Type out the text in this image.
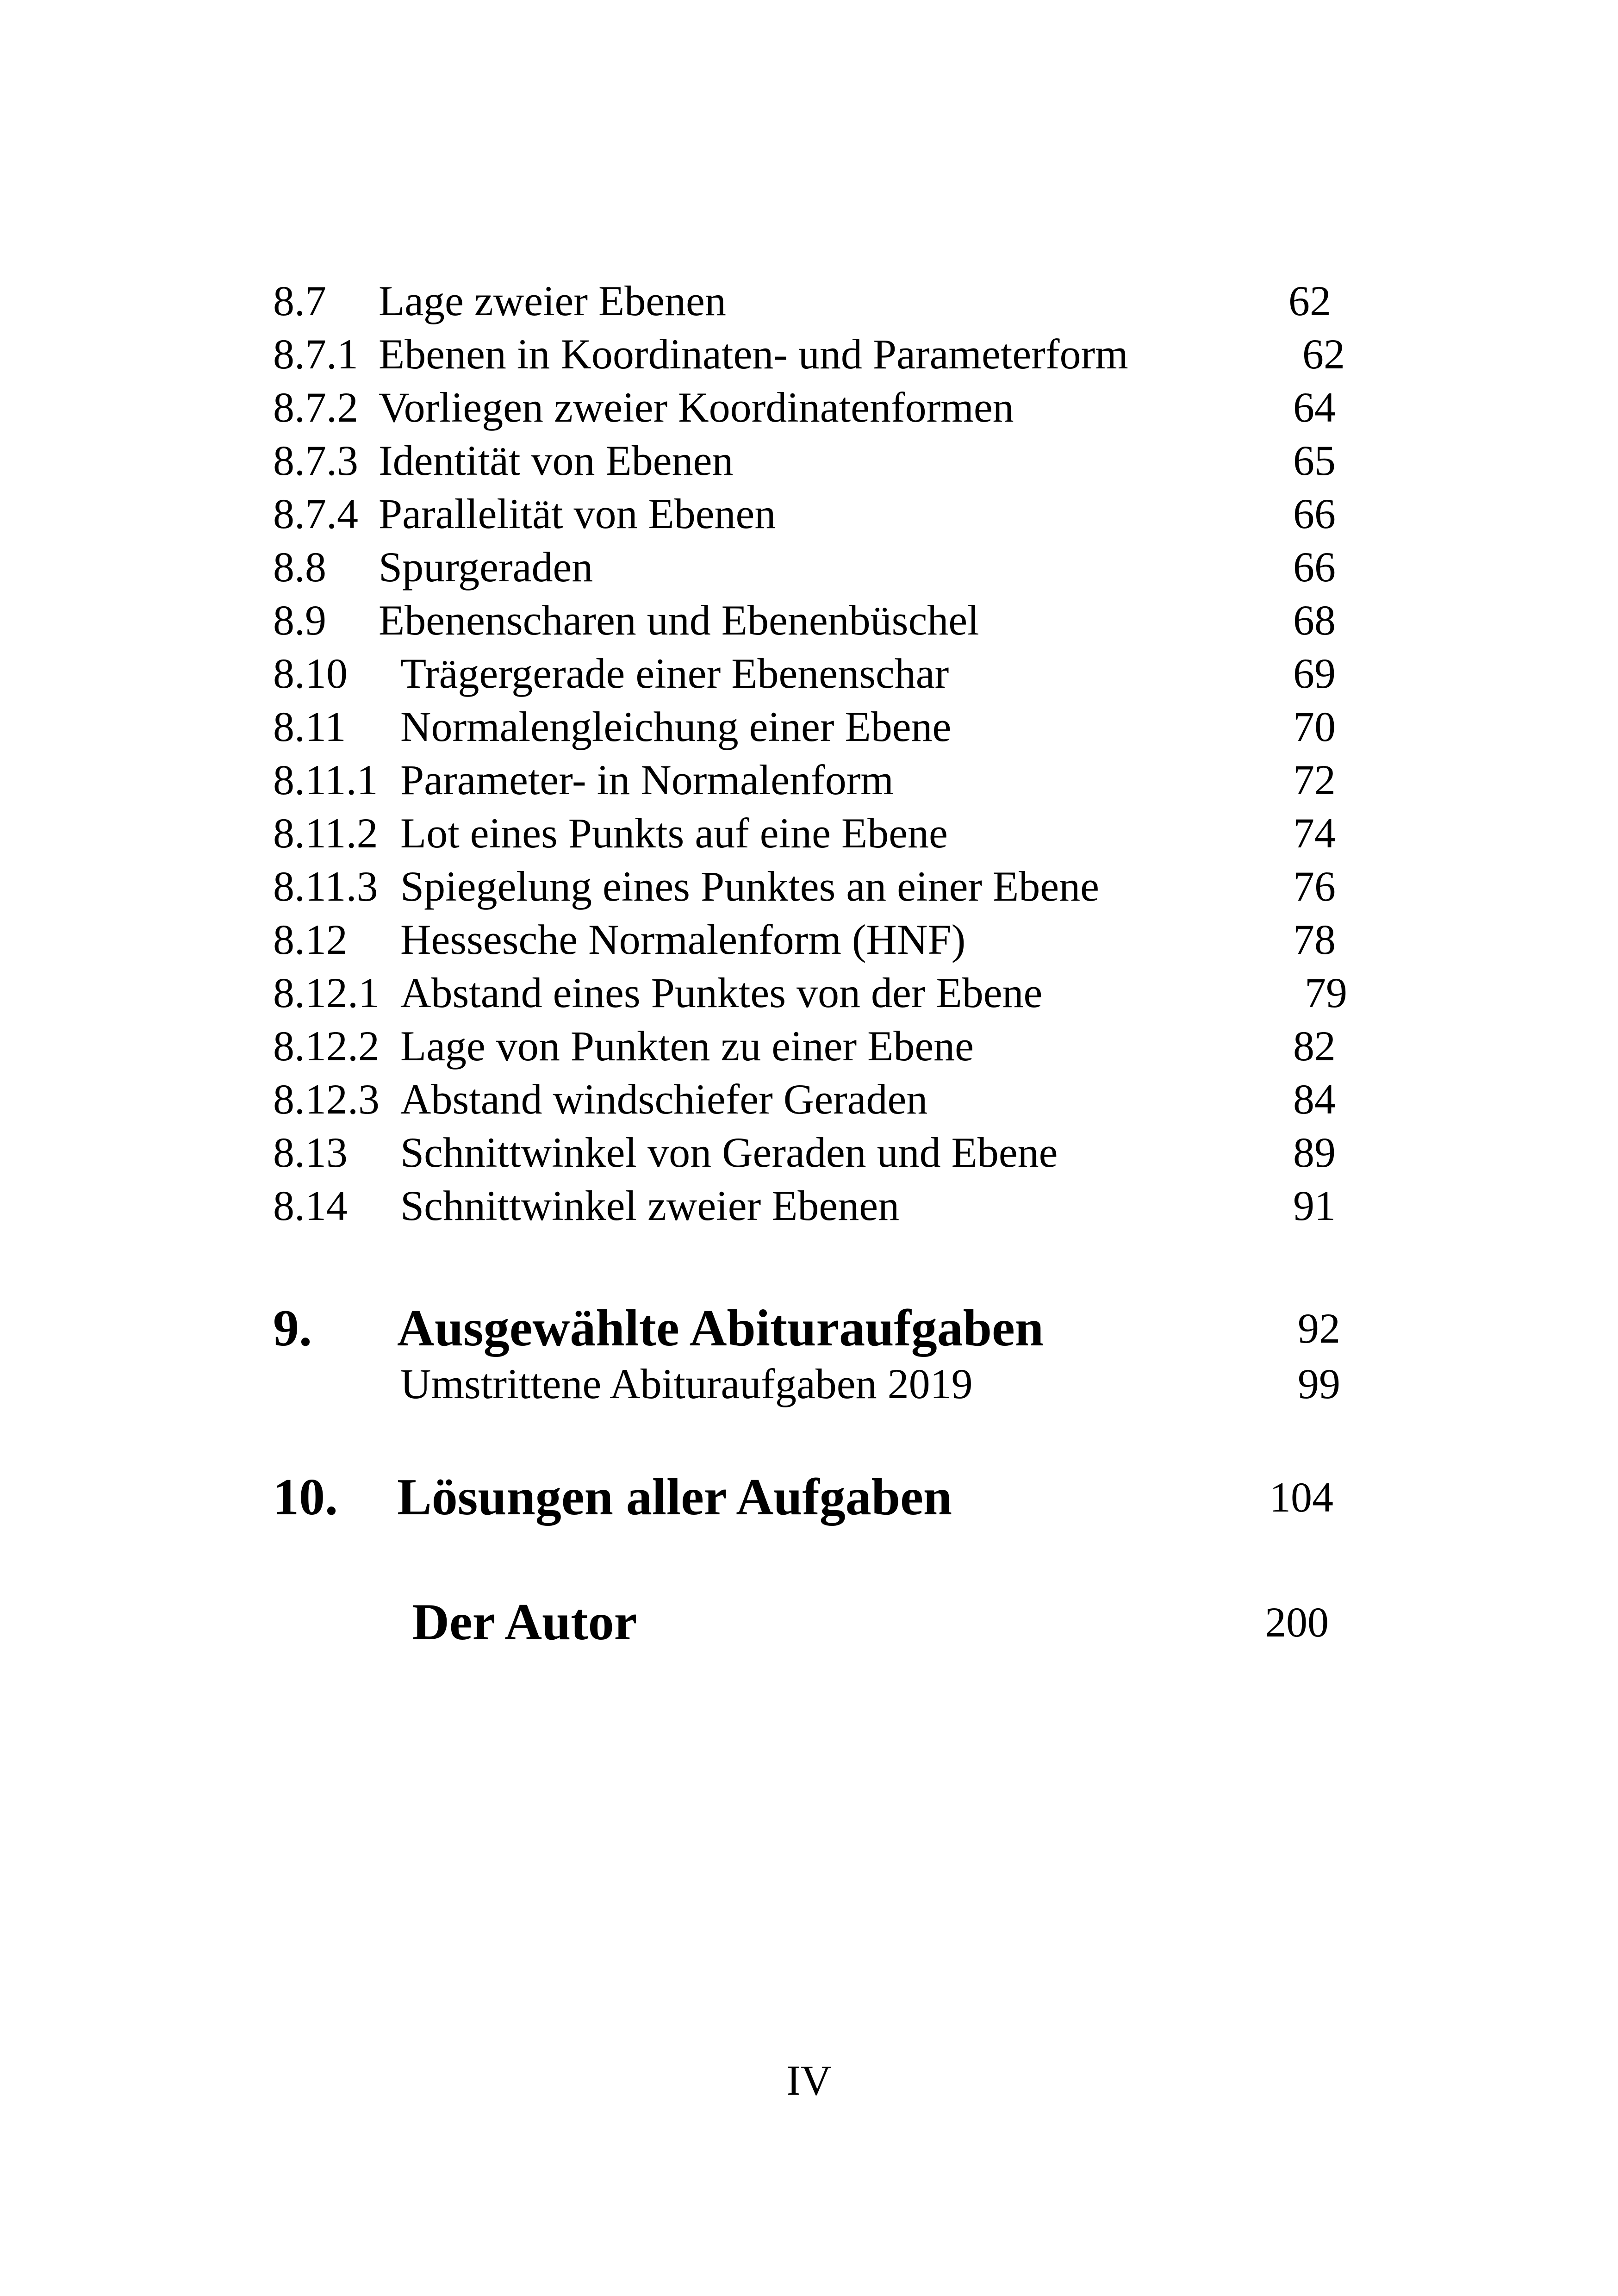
8.7 Lage zweier Ebenen	62
8.7.1 Ebenen in Koordinaten- und Parameterform	62
8.7.2 Vorliegen zweier Koordinatenformen	64
8.7.3 Identität von Ebenen	65
8.7.4 Parallelität von Ebenen	66
8.8 Spurgeraden	66
8.9 Ebenenscharen und Ebenenbüschel	68
8.10 Trägergerade einer Ebenenschar	69
8.11 Normalengleichung einer Ebene	70
8.11.1 Parameter- in Normalenform	72
8.11.2 Lot eines Punkts auf eine Ebene	74
8.11.3 Spiegelung eines Punktes an einer Ebene	76
8.12 Hessesche Normalenform (HNF)	78
8.12.1 Abstand eines Punktes von der Ebene	79
8.12.2 Lage von Punkten zu einer Ebene	82
8.12.3 Abstand windschiefer Geraden	84
8.13 Schnittwinkel von Geraden und Ebene	89
8.14 Schnittwinkel zweier Ebenen	91
9. Ausgewählte Abituraufgaben	92
Umstrittene Abituraufgaben 2019	99
10. Lösungen aller Aufgaben	104
Der Autor	200
IV
